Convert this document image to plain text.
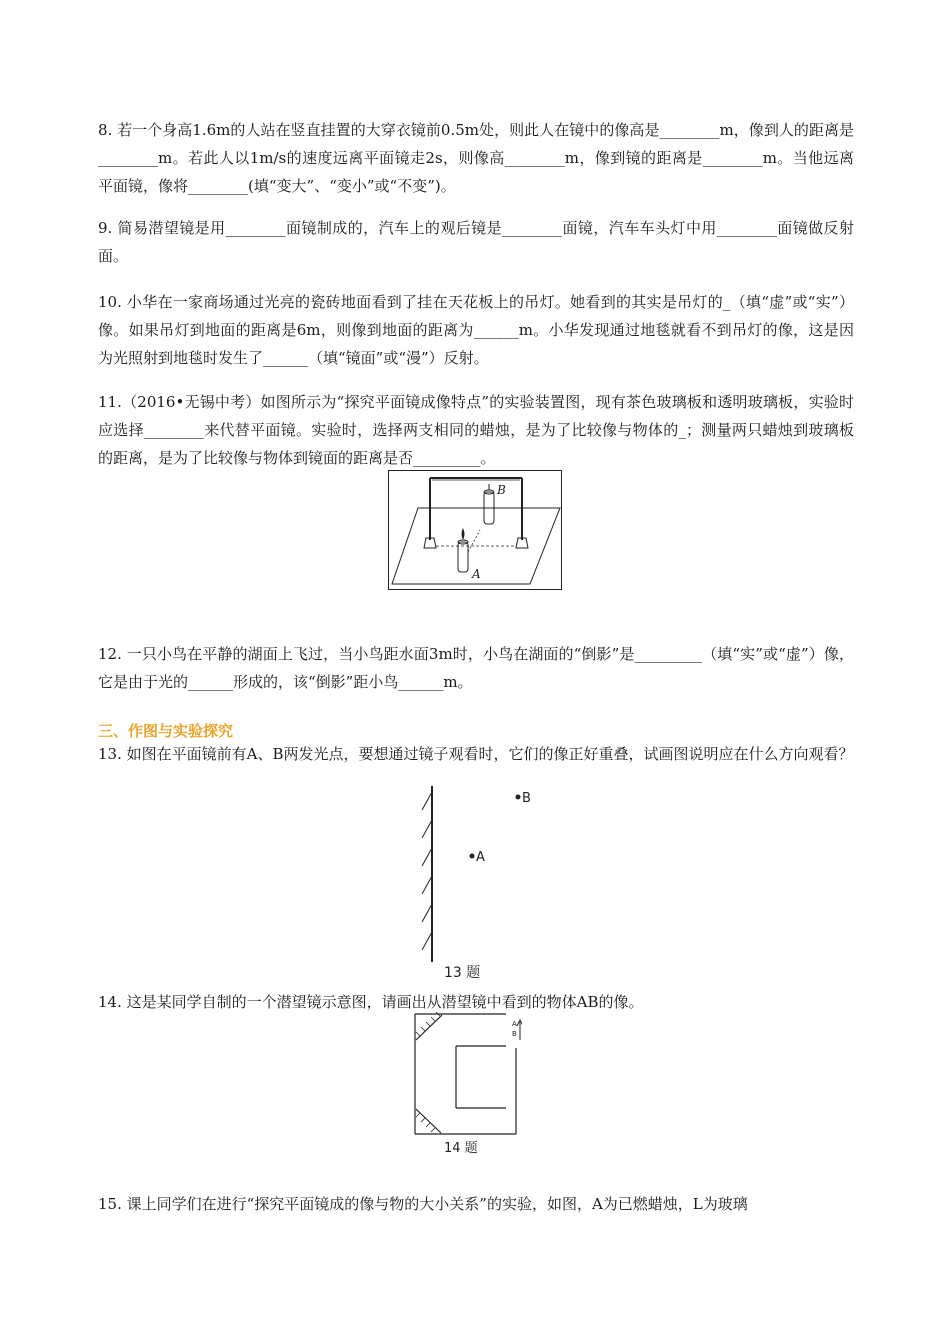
8. 若一个身高1.6m的人站在竖直挂置的大穿衣镜前0.5m处，则此人在镜中的像高是________m，像到人的距离是________m。若此人以1m/s的速度远离平面镜走2s，则像高________m，像到镜的距离是________m。当他远离平面镜，像将________(填“变大”、“变小”或“不变”)。
9. 简易潜望镜是用________面镜制成的，汽车上的观后镜是________面镜，汽车车头灯中用________面镜做反射面。
10. 小华在一家商场通过光亮的瓷砖地面看到了挂在天花板上的吊灯。她看到的其实是吊灯的_（填“虚”或“实”）像。如果吊灯到地面的距离是6m，则像到地面的距离为______m。小华发现通过地毯就看不到吊灯的像，这是因为光照射到地毯时发生了______（填“镜面”或“漫”）反射。
11.（2016•无锡中考）如图所示为“探究平面镜成像特点”的实验装置图，现有茶色玻璃板和透明玻璃板，实验时应选择________来代替平面镜。实验时，选择两支相同的蜡烛，是为了比较像与物体的_；测量两只蜡烛到玻璃板的距离，是为了比较像与物体到镜面的距离是否_________。
B
A
12. 一只小鸟在平静的湖面上飞过，当小鸟距水面3m时，小鸟在湖面的“倒影”是_________（填“实”或“虚”）像，它是由于光的______形成的，该“倒影”距小鸟______m。
三、作图与实验探究
13. 如图在平面镜前有A、B两发光点，要想通过镜子观看时，它们的像正好重叠，试画图说明应在什么方向观看？
B
A
13 题
14. 这是某同学自制的一个潜望镜示意图，请画出从潜望镜中看到的物体AB的像。
A
B
14 题
15. 课上同学们在进行“探究平面镜成的像与物的大小关系”的实验，如图，A为已燃蜡烛，L为玻璃
